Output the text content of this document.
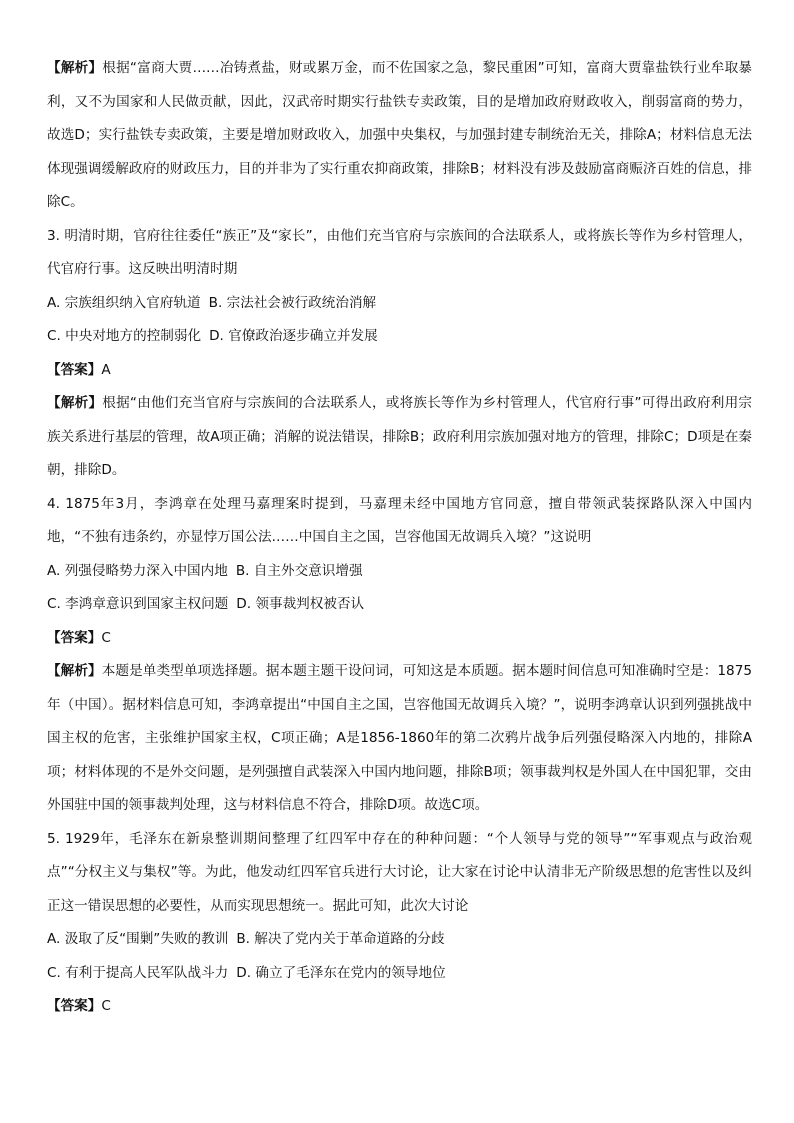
【解析】根据“富商大贾……冶铸煮盐，财或累万金，而不佐国家之急，黎民重困”可知，富商大贾靠盐铁行业牟取暴利，又不为国家和人民做贡献，因此，汉武帝时期实行盐铁专卖政策，目的是增加政府财政收入，削弱富商的势力，故选D；实行盐铁专卖政策，主要是增加财政收入，加强中央集权，与加强封建专制统治无关，排除A；材料信息无法体现强调缓解政府的财政压力，目的并非为了实行重农抑商政策，排除B；材料没有涉及鼓励富商赈济百姓的信息，排除C。

3. 明清时期，官府往往委任“族正”及“家长”，由他们充当官府与宗族间的合法联系人，或将族长等作为乡村管理人，代官府行事。这反映出明清时期

A. 宗族组织纳入官府轨道 B. 宗法社会被行政统治消解

C. 中央对地方的控制弱化 D. 官僚政治逐步确立并发展

【答案】A

【解析】根据“由他们充当官府与宗族间的合法联系人，或将族长等作为乡村管理人，代官府行事”可得出政府利用宗族关系进行基层的管理，故A项正确；消解的说法错误，排除B；政府利用宗族加强对地方的管理，排除C；D项是在秦朝，排除D。

4. 1875年3月，李鸿章在处理马嘉理案时提到，马嘉理未经中国地方官同意，擅自带领武装探路队深入中国内地，“不独有违条约，亦显悖万国公法……中国自主之国，岂容他国无故调兵入境？”这说明

A. 列强侵略势力深入中国内地 B. 自主外交意识增强

C. 李鸿章意识到国家主权问题 D. 领事裁判权被否认

【答案】C

【解析】本题是单类型单项选择题。据本题主题干设问词，可知这是本质题。据本题时间信息可知准确时空是：1875年（中国）。据材料信息可知，李鸿章提出“中国自主之国，岂容他国无故调兵入境？”，说明李鸿章认识到列强挑战中国主权的危害，主张维护国家主权，C项正确；A是1856-1860年的第二次鸦片战争后列强侵略深入内地的，排除A项；材料体现的不是外交问题，是列强擅自武装深入中国内地问题，排除B项；领事裁判权是外国人在中国犯罪，交由外国驻中国的领事裁判处理，这与材料信息不符合，排除D项。故选C项。

5. 1929年，毛泽东在新泉整训期间整理了红四军中存在的种种问题：“个人领导与党的领导”“军事观点与政治观点”“分权主义与集权”等。为此，他发动红四军官兵进行大讨论，让大家在讨论中认清非无产阶级思想的危害性以及纠正这一错误思想的必要性，从而实现思想统一。据此可知，此次大讨论

A. 汲取了反“围剿”失败的教训 B. 解决了党内关于革命道路的分歧

C. 有利于提高人民军队战斗力 D. 确立了毛泽东在党内的领导地位

【答案】C
